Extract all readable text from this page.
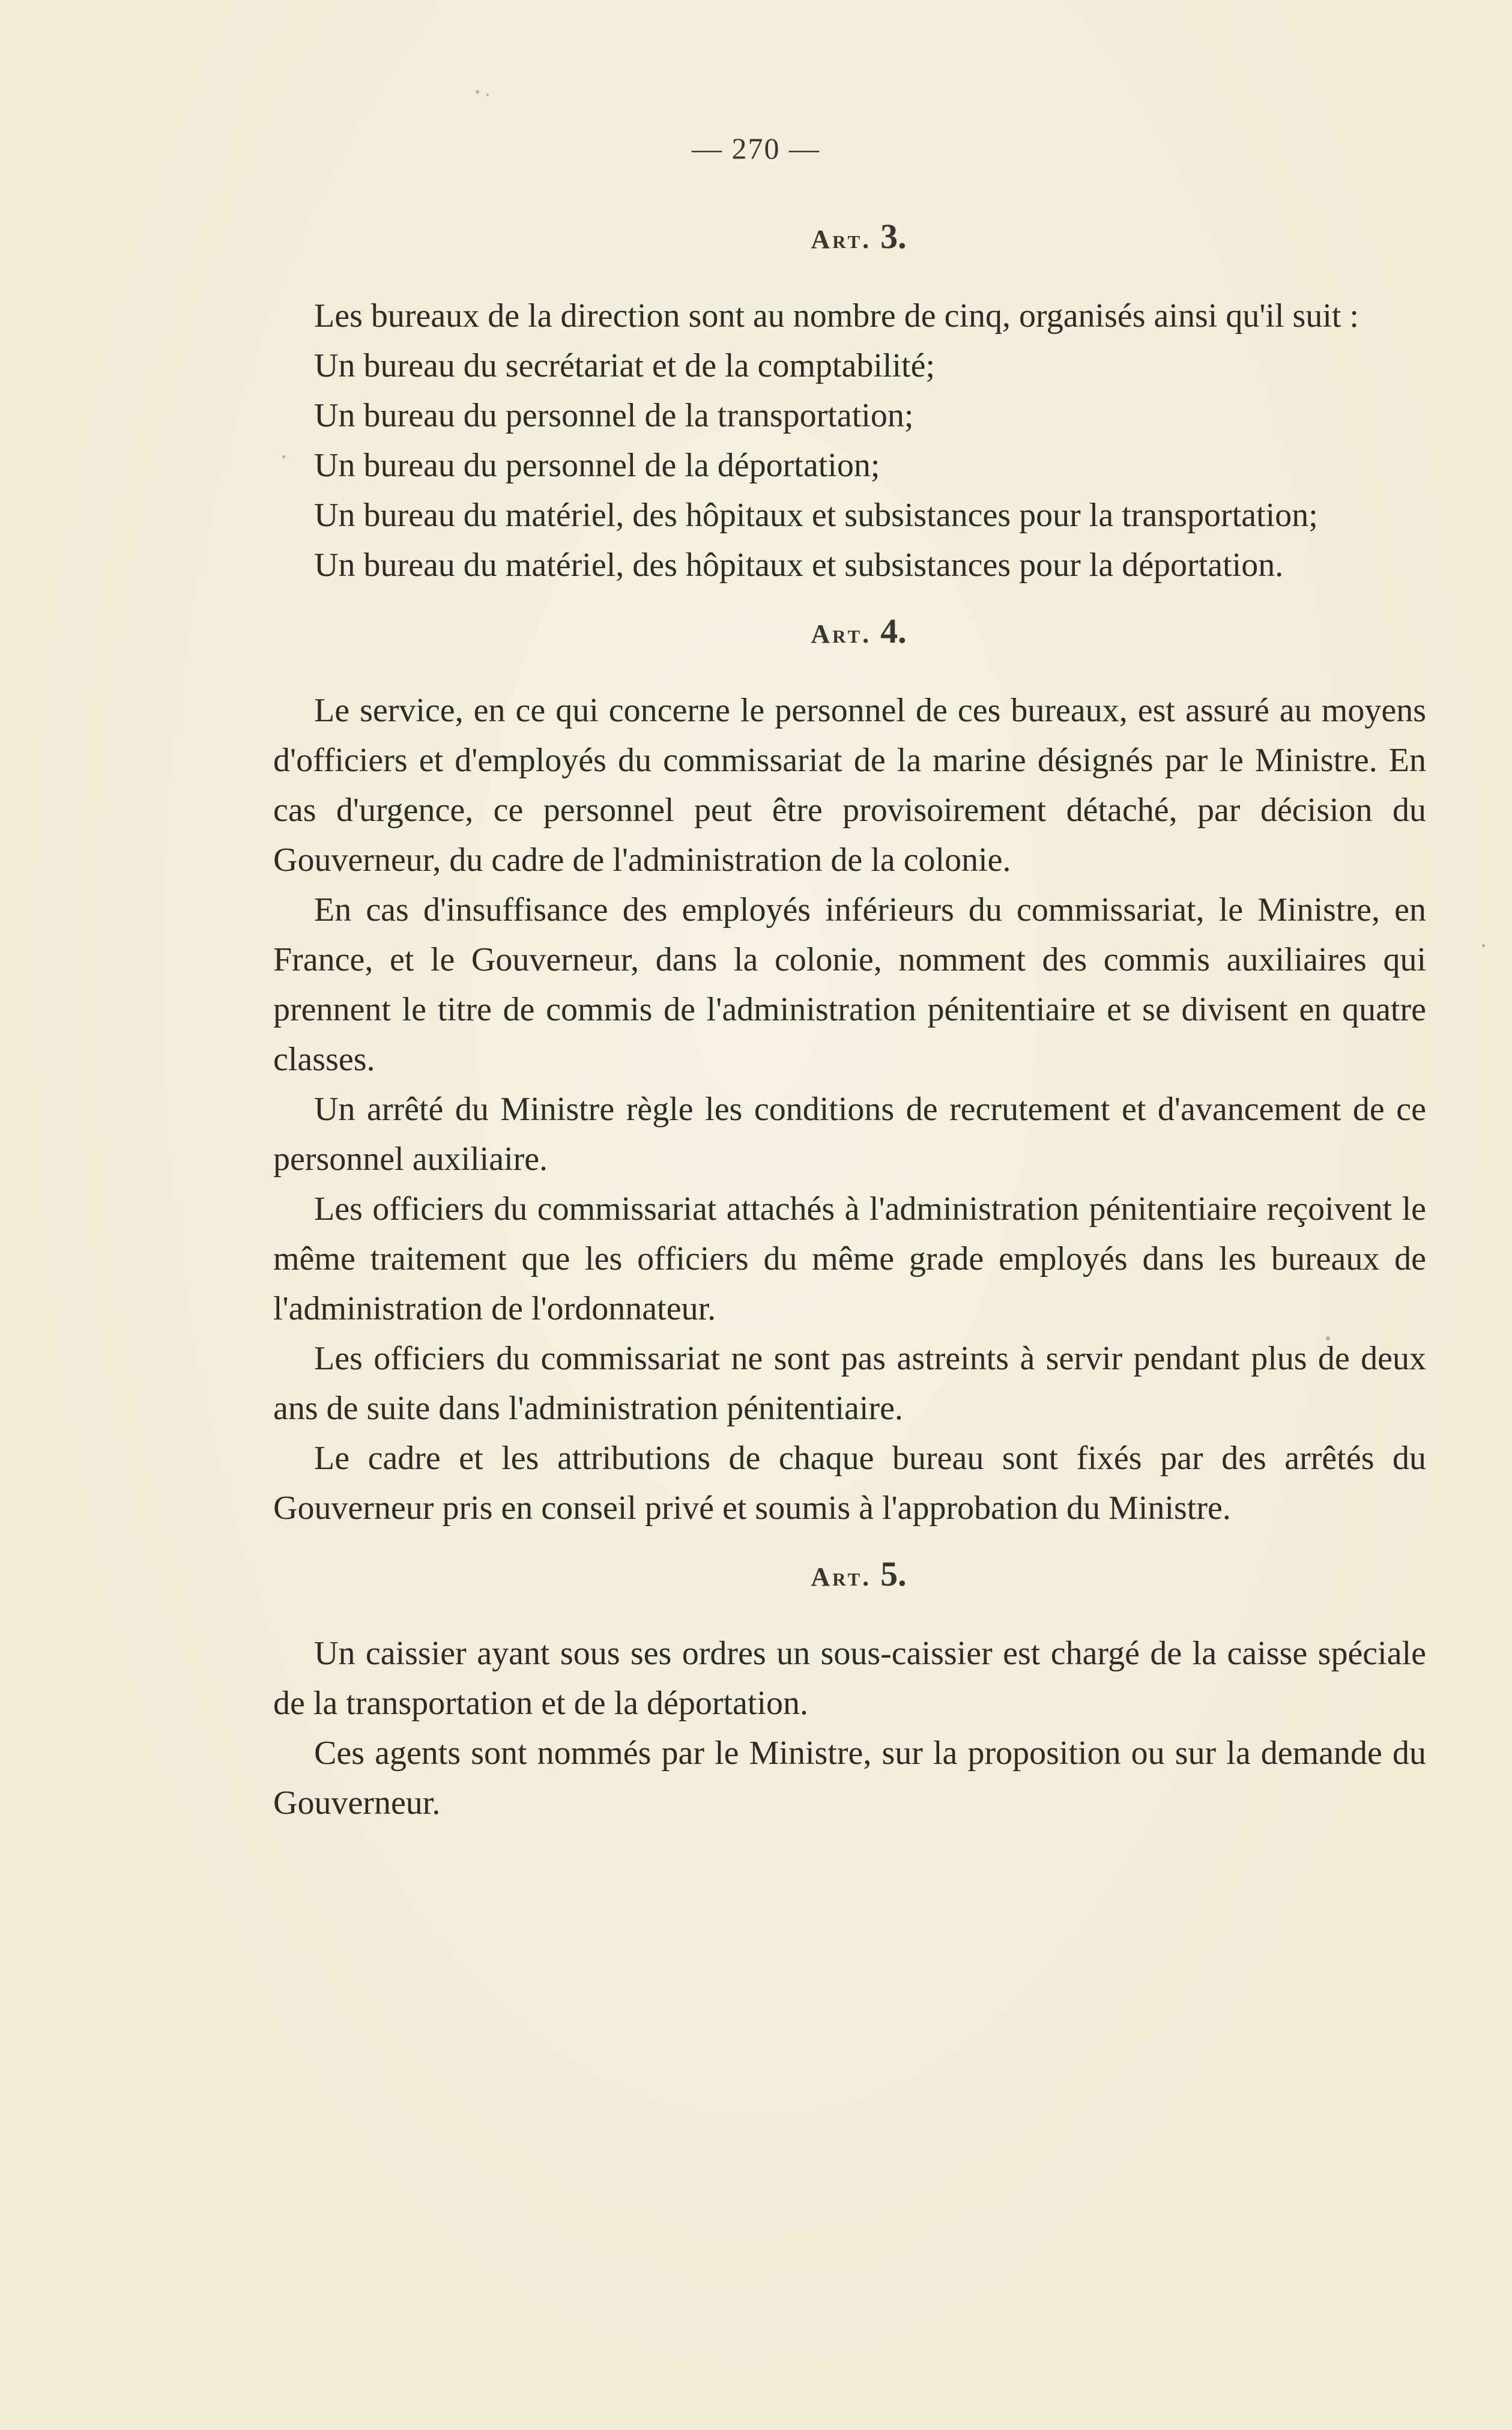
— 270 —
Art. 3.

Les bureaux de la direction sont au nombre de cinq, organisés ainsi qu'il suit :

Un bureau du secrétariat et de la comptabilité;

Un bureau du personnel de la transportation;

Un bureau du personnel de la déportation;

Un bureau du matériel, des hôpitaux et subsistances pour la transportation;

Un bureau du matériel, des hôpitaux et subsistances pour la déportation.

Art. 4.

Le service, en ce qui concerne le personnel de ces bureaux, est assuré au moyens d'officiers et d'employés du commissariat de la marine désignés par le Ministre. En cas d'urgence, ce personnel peut être provisoirement détaché, par décision du Gouverneur, du cadre de l'administration de la colonie.

En cas d'insuffisance des employés inférieurs du commissariat, le Ministre, en France, et le Gouverneur, dans la colonie, nomment des commis auxiliaires qui prennent le titre de commis de l'administration pénitentiaire et se divisent en quatre classes.

Un arrêté du Ministre règle les conditions de recrutement et d'avancement de ce personnel auxiliaire.

Les officiers du commissariat attachés à l'administration pénitentiaire reçoivent le même traitement que les officiers du même grade employés dans les bureaux de l'administration de l'ordonnateur.

Les officiers du commissariat ne sont pas astreints à servir pendant plus de deux ans de suite dans l'administration pénitentiaire.

Le cadre et les attributions de chaque bureau sont fixés par des arrêtés du Gouverneur pris en conseil privé et soumis à l'approbation du Ministre.

Art. 5.

Un caissier ayant sous ses ordres un sous-caissier est chargé de la caisse spéciale de la transportation et de la déportation.

Ces agents sont nommés par le Ministre, sur la proposition ou sur la demande du Gouverneur.
